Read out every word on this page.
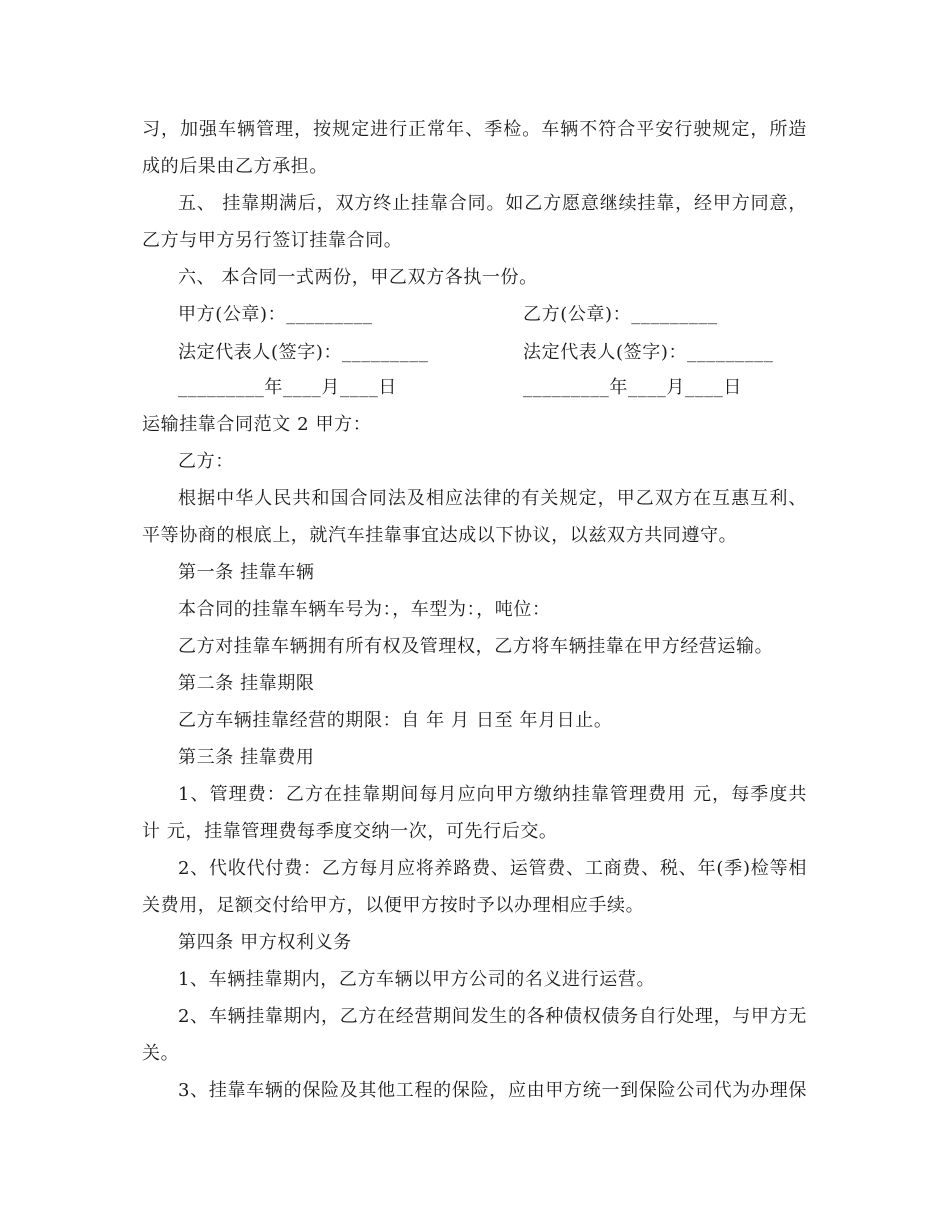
习，加强车辆管理，按规定进行正常年、季检。车辆不符合平安行驶规定，所造
成的后果由乙方承担。
五、 挂靠期满后，双方终止挂靠合同。如乙方愿意继续挂靠，经甲方同意，
乙方与甲方另行签订挂靠合同。
六、 本合同一式两份，甲乙双方各执一份。
甲方(公章)：_________	乙方(公章)：_________
法定代表人(签字)：_________	法定代表人(签字)：_________
_________年____月____日	_________年____月____日
运输挂靠合同范文 2 甲方：
乙方：
根据中华人民共和国合同法及相应法律的有关规定，甲乙双方在互惠互利、
平等协商的根底上，就汽车挂靠事宜达成以下协议，以兹双方共同遵守。
第一条 挂靠车辆
本合同的挂靠车辆车号为：，车型为：，吨位：
乙方对挂靠车辆拥有所有权及管理权，乙方将车辆挂靠在甲方经营运输。
第二条 挂靠期限
乙方车辆挂靠经营的期限：自 年 月 日至 年月日止。
第三条 挂靠费用
1、管理费：乙方在挂靠期间每月应向甲方缴纳挂靠管理费用 元，每季度共
计 元，挂靠管理费每季度交纳一次，可先行后交。
2、代收代付费：乙方每月应将养路费、运管费、工商费、税、年(季)检等相
关费用，足额交付给甲方，以便甲方按时予以办理相应手续。
第四条 甲方权利义务
1、车辆挂靠期内，乙方车辆以甲方公司的名义进行运营。
2、车辆挂靠期内，乙方在经营期间发生的各种债权债务自行处理，与甲方无
关。
3、挂靠车辆的保险及其他工程的保险，应由甲方统一到保险公司代为办理保
